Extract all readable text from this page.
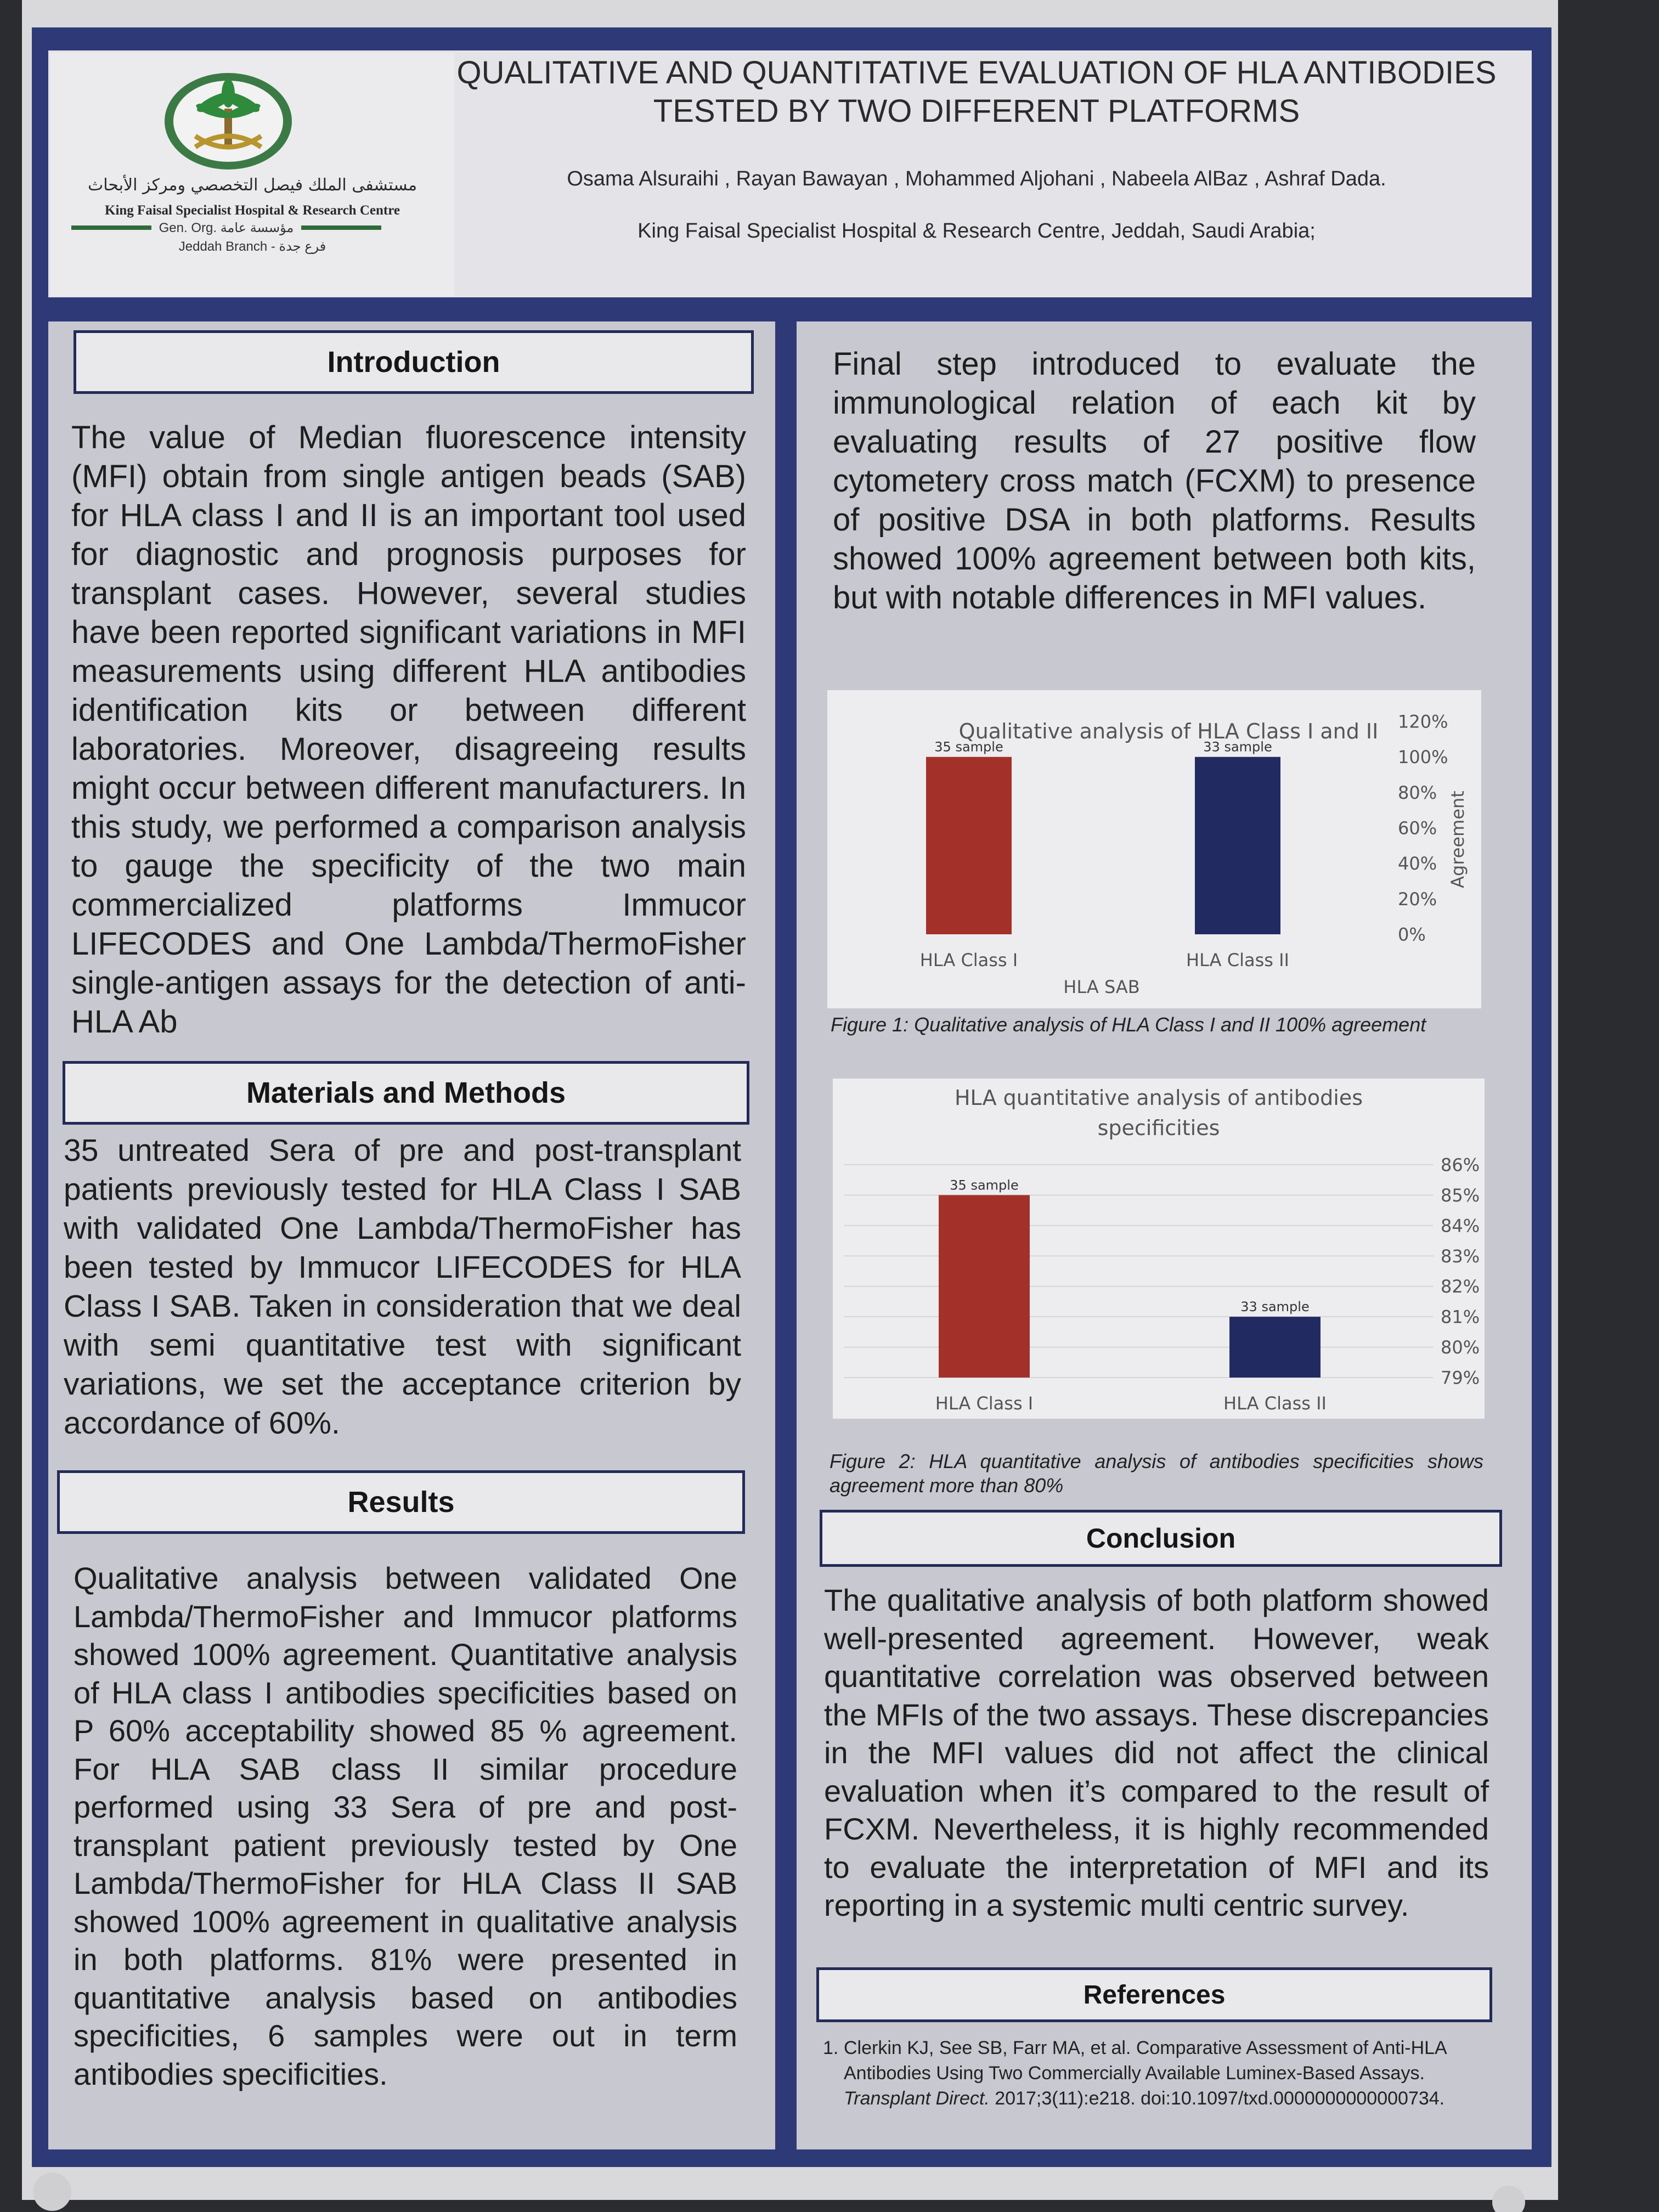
مستشفى الملك فيصل التخصصي ومركز الأبحاث
King Faisal Specialist Hospital & Research Centre
Gen. Org. مؤسسة عامة
Jeddah Branch - فرع جدة
QUALITATIVE AND QUANTITATIVE EVALUATION OF HLA ANTIBODIES
TESTED BY TWO DIFFERENT PLATFORMS
Osama Alsuraihi , Rayan Bawayan , Mohammed Aljohani , Nabeela AlBaz , Ashraf Dada.
King Faisal Specialist Hospital & Research Centre, Jeddah, Saudi Arabia;
Introduction
The value of Median fluorescence intensity (MFI) obtain from single antigen beads (SAB) for HLA class I and II is an important tool used for diagnostic and prognosis purposes for transplant cases. However, several studies have been reported significant variations in MFI measurements using different HLA antibodies identification kits or between different laboratories. Moreover, disagreeing results might occur between different manufacturers. In this study, we performed a comparison analysis to gauge the specificity of the two main commercialized platforms Immucor LIFECODES and One Lambda/ThermoFisher single-antigen assays for the detection of anti-HLA Ab
Materials and Methods
35 untreated Sera of pre and post-transplant patients previously tested for HLA Class I SAB with validated One Lambda/ThermoFisher has been tested by Immucor LIFECODES for HLA Class I SAB. Taken in consideration that we deal with semi quantitative test with significant variations, we set the acceptance criterion by accordance of 60%.
Results
Qualitative analysis between validated One Lambda/ThermoFisher and Immucor platforms showed 100% agreement. Quantitative analysis of HLA class I antibodies specificities based on P 60% acceptability showed 85 % agreement. For HLA SAB class II similar procedure performed using 33 Sera of pre and post-transplant patient previously tested by One Lambda/ThermoFisher for HLA Class II SAB showed 100% agreement in qualitative analysis in both platforms. 81% were presented in quantitative analysis based on antibodies specificities, 6 samples were out in term antibodies specificities.
Final step introduced to evaluate the immunological relation of each kit by evaluating results of 27 positive flow cytometery cross match (FCXM) to presence of positive DSA in both platforms. Results showed 100% agreement between both kits, but with notable differences in MFI values.
Qualitative analysis of HLA Class I and II
0%
20%
40%
60%
80%
100%
120%
35 sample
HLA Class I
33 sample
HLA Class II
HLA SAB
Agreement
Figure 1: Qualitative analysis of HLA Class I and II 100% agreement
HLA quantitative analysis of antibodies
specificities
79%
80%
81%
82%
83%
84%
85%
86%
35 sample
HLA Class I
33 sample
HLA Class II
Figure 2: HLA quantitative analysis of antibodies specificities shows agreement more than 80%
Conclusion
The qualitative analysis of both platform showed well-presented agreement. However, weak quantitative correlation was observed between the MFIs of the two assays. These discrepancies in the MFI values did not affect the clinical evaluation when it’s compared to the result of FCXM. Nevertheless, it is highly recommended to evaluate the interpretation of MFI and its reporting in a systemic multi centric survey.
References
1. Clerkin KJ, See SB, Farr MA, et al. Comparative Assessment of Anti-HLA Antibodies Using Two Commercially Available Luminex-Based Assays. Transplant Direct. 2017;3(11):e218. doi:10.1097/txd.0000000000000734.
